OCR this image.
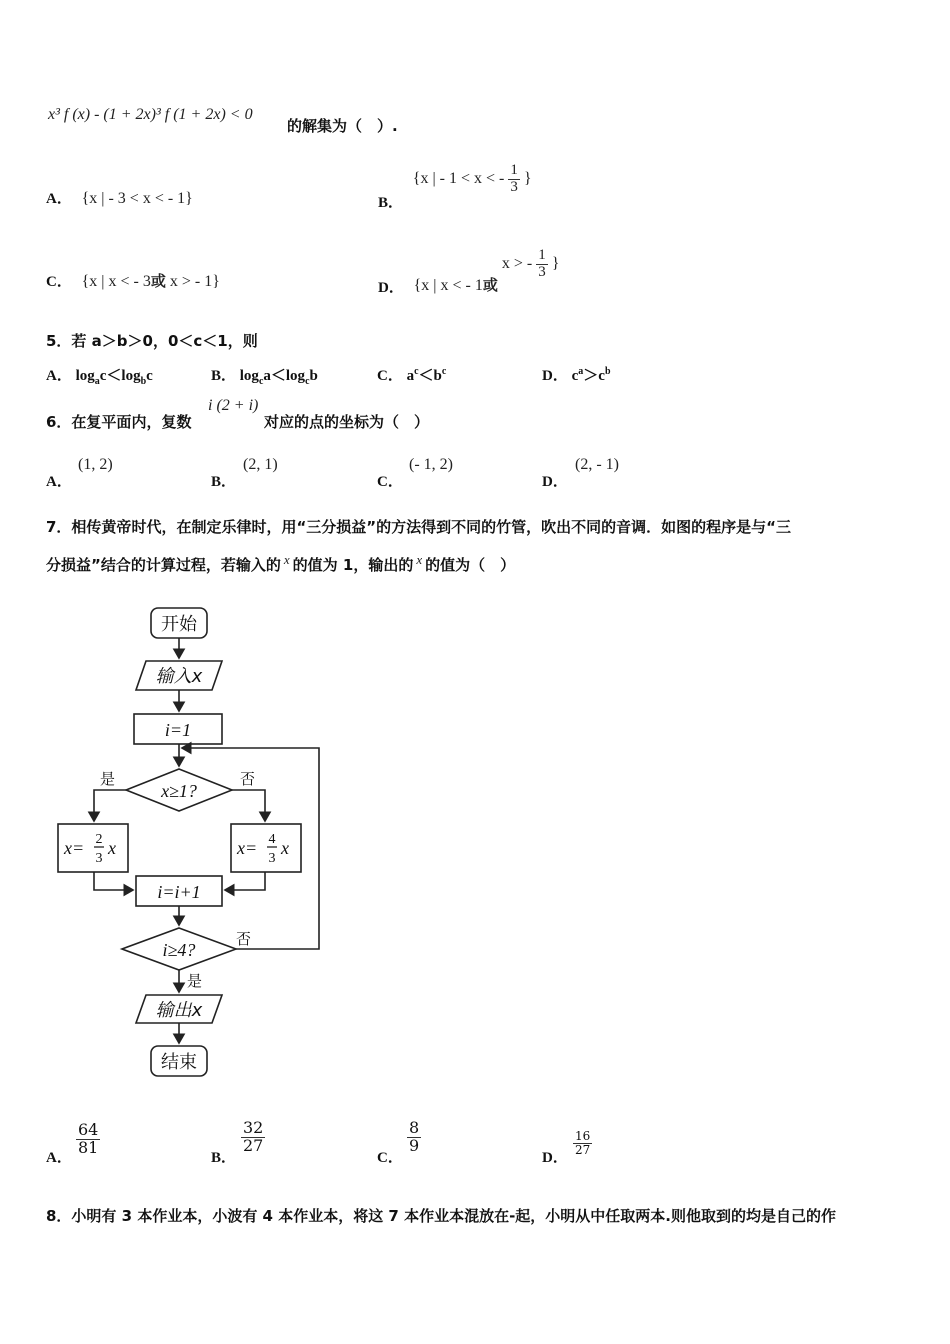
x³ f (x) - (1 + 2x)³ f (1 + 2x) < 0
的解集为（　）.
A． {x | - 3 < x < - 1}	B． {x | - 1 < x < - $\frac{1}{3}$ }
C． {x | x < - 3或 x > - 1}	D． {x | x < - 1或 x > - $\frac{1}{3}$ }
5．若 a＞b＞0，0＜c＜1，则
A． $\log_ac<\log_bc$	B． $\log_ca<\log_cb$	C． $a^c<b^c$	D． $c^a>c^b$
6．在复平面内，复数
i (2 + i)
对应的点的坐标为（　）
A．
(1, 2)
B．
(2, 1)
C．
(- 1, 2)
D．
(2, - 1)
7．相传黄帝时代，在制定乐律时，用“三分损益”的方法得到不同的竹管，吹出不同的音调．如图的程序是与“三
分损益”结合的计算过程，若输入的 x 的值为 1，输出的 x 的值为（　）
开始
输入x
i=1
x≥1?
是	否
x= 2
3
x	x= 4
3
x
i=i+1
i≥4?
否
是
输出x
结束
A．
$\frac{64}{81}$
B．
$\frac{32}{27}$
C．
$\frac{8}{9}$
D．
$\frac{16}{27}$
8．小明有 3 本作业本，小波有 4 本作业本，将这 7 本作业本混放在-起，小明从中任取两本.则他取到的均是自己的作
